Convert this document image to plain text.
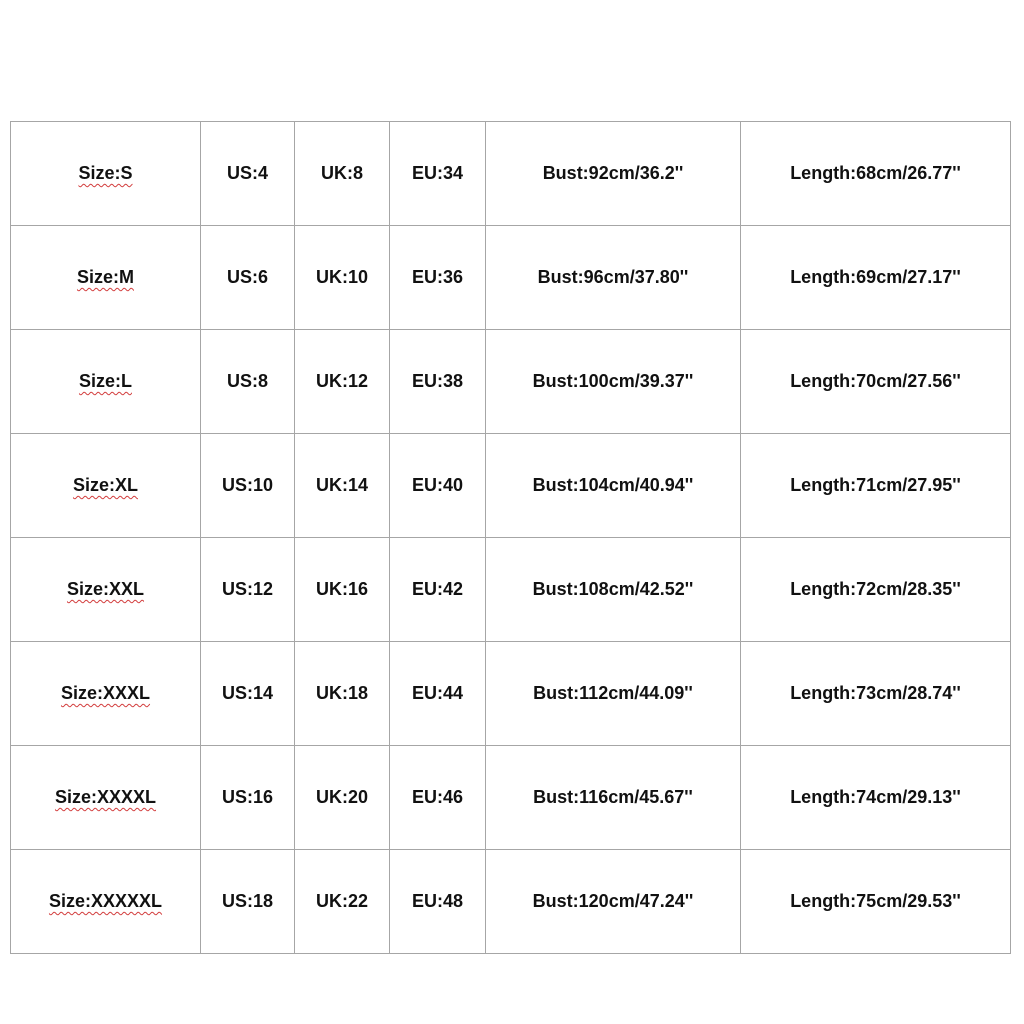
Size:S	US:4	UK:8	EU:34	Bust:92cm/36.2''	Length:68cm/26.77''
Size:M	US:6	UK:10	EU:36	Bust:96cm/37.80''	Length:69cm/27.17''
Size:L	US:8	UK:12	EU:38	Bust:100cm/39.37''	Length:70cm/27.56''
Size:XL	US:10	UK:14	EU:40	Bust:104cm/40.94''	Length:71cm/27.95''
Size:XXL	US:12	UK:16	EU:42	Bust:108cm/42.52''	Length:72cm/28.35''
Size:XXXL	US:14	UK:18	EU:44	Bust:112cm/44.09''	Length:73cm/28.74''
Size:XXXXL	US:16	UK:20	EU:46	Bust:116cm/45.67''	Length:74cm/29.13''
Size:XXXXXL	US:18	UK:22	EU:48	Bust:120cm/47.24''	Length:75cm/29.53''
